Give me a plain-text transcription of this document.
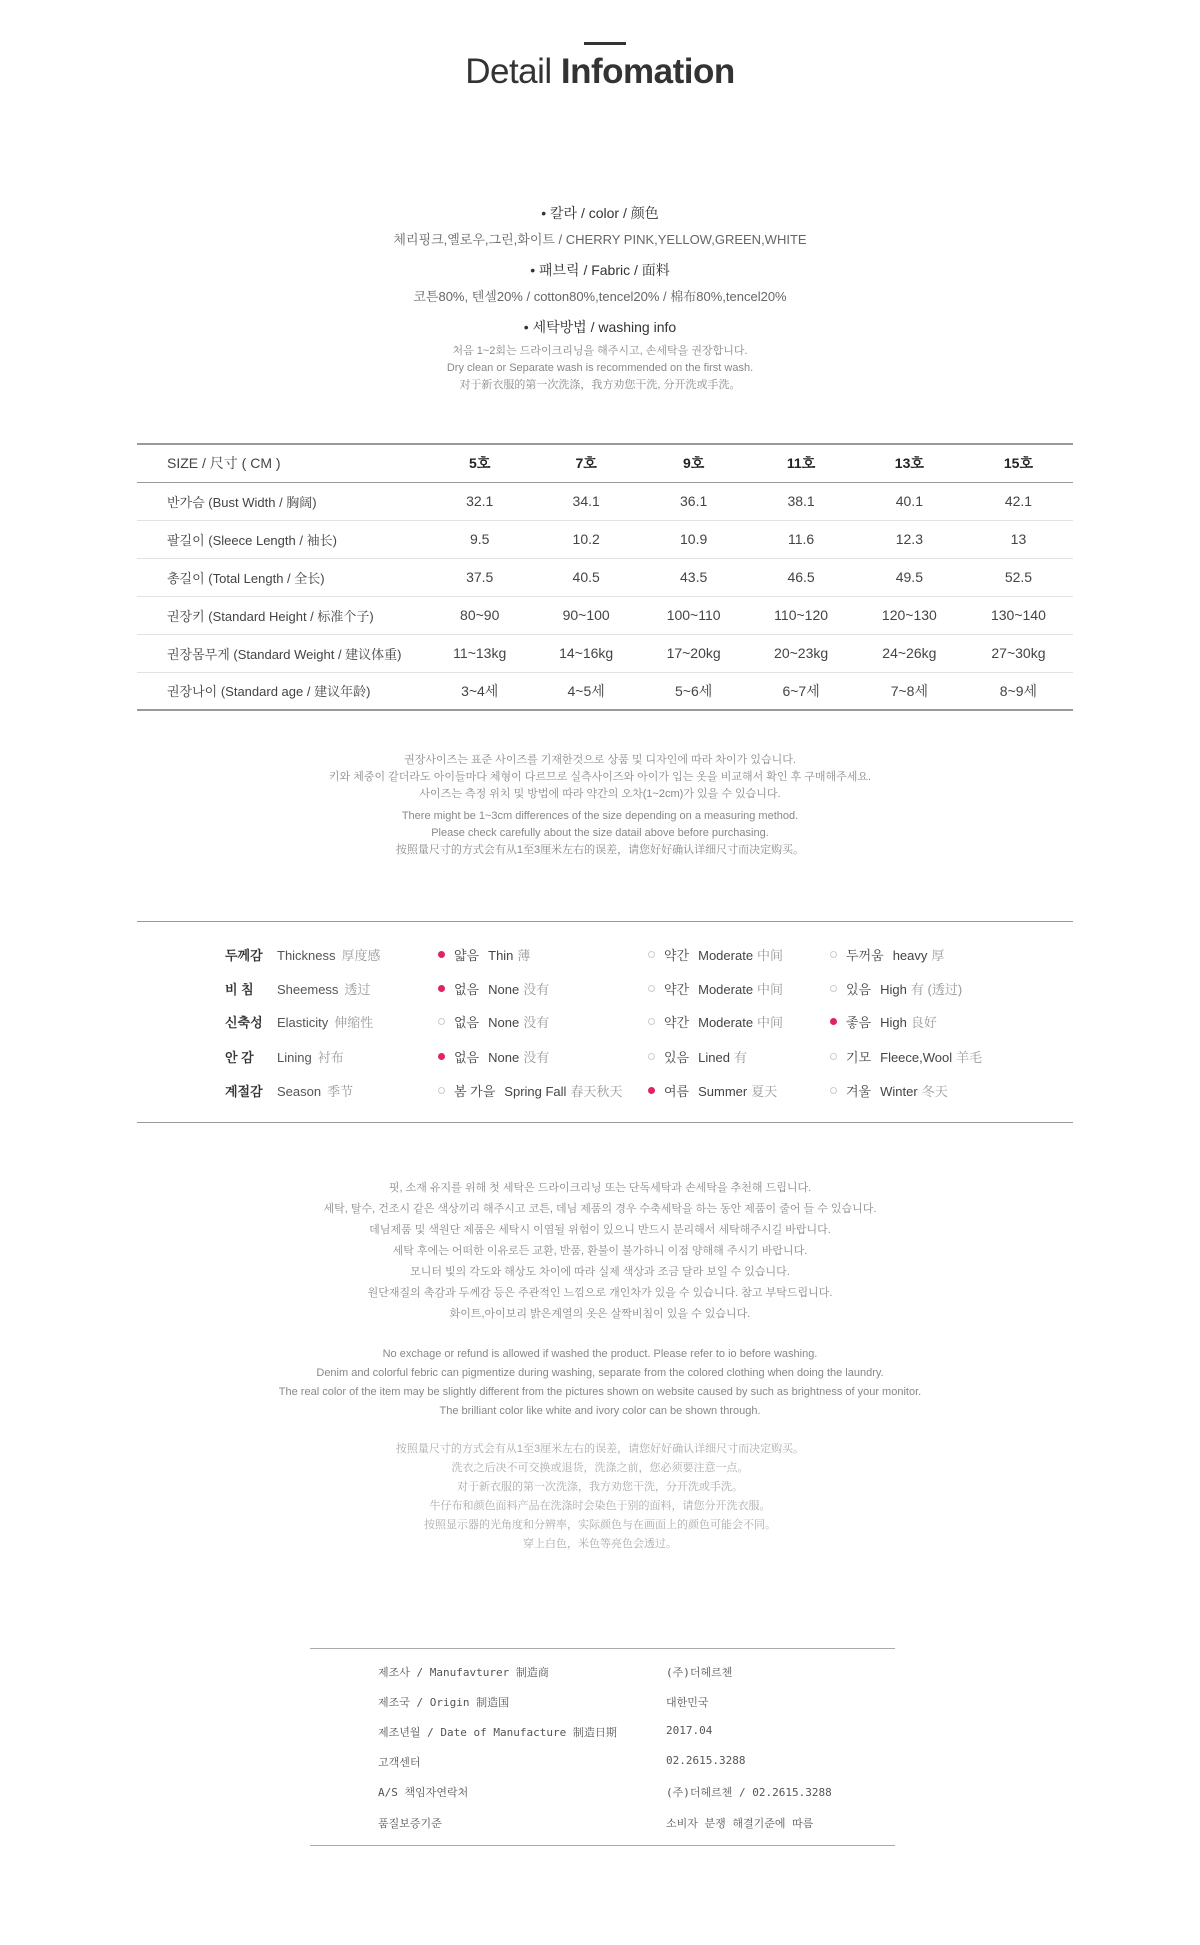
Detail Infomation
• 칼라 / color / 颜色
체리핑크,옐로우,그린,화이트 / CHERRY PINK,YELLOW,GREEN,WHITE
• 패브릭 / Fabric / 面料
코튼80%, 텐셀20% / cotton80%,tencel20% / 棉布80%,tencel20%
• 세탁방법 / washing info
처음 1~2회는 드라이크리닝을 해주시고, 손세탁을 권장합니다.
Dry clean or Separate wash is recommended on the first wash.
对于新衣服的第一次洗涤，我方劝您干洗, 分开洗或手洗。
SIZE / 尺寸 ( CM )	5호	7호	9호	11호	13호	15호
반가슴 (Bust Width / 胸阔)	32.1	34.1	36.1	38.1	40.1	42.1
팔길이 (Sleece Length / 袖长)	9.5	10.2	10.9	11.6	12.3	13
총길이 (Total Length / 全长)	37.5	40.5	43.5	46.5	49.5	52.5
권장키 (Standard Height / 标准个子)	80~90	90~100	100~110	110~120	120~130	130~140
권장몸무게 (Standard Weight / 建议体重)	11~13kg	14~16kg	17~20kg	20~23kg	24~26kg	27~30kg
권장나이 (Standard age / 建议年龄)	3~4세	4~5세	5~6세	6~7세	7~8세	8~9세
권장사이즈는 표준 사이즈를 기재한것으로 상품 및 디자인에 따라 차이가 있습니다.
키와 체중이 같더라도 아이들마다 체형이 다르므로 실측사이즈와 아이가 입는 옷을 비교해서 확인 후 구매해주세요.
사이즈는 측정 위치 및 방법에 따라 약간의 오차(1~2cm)가 있을 수 있습니다.
There might be 1~3cm differences of the size depending on a measuring method.
Please check carefully about the size datail above before purchasing.
按照量尺寸的方式会有从1至3厘米左右的误差，请您好好确认详细尺寸而决定购买。
두께감 Thickness 厚度感	얇음 Thin 薄	약간 Moderate 中间	두꺼움 heavy 厚
비 침 Sheemess 透过	없음 None 没有	약간 Moderate 中间	있음 High 有 (透过)
신축성 Elasticity 伸缩性	없음 None 没有	약간 Moderate 中间	좋음 High 良好
안 감 Lining 衬布	없음 None 没有	있음 Lined 有	기모 Fleece,Wool 羊毛
계절감 Season 季节	봄 가을 Spring Fall 春天秋天	여름 Summer 夏天	겨울 Winter 冬天
핏, 소재 유지를 위해 첫 세탁은 드라이크리닝 또는 단독세탁과 손세탁을 추천해 드립니다.
세탁, 탈수, 건조시 같은 색상끼리 해주시고 코튼, 데님 제품의 경우 수축세탁을 하는 동안 제품이 줄어 들 수 있습니다.
데님제품 및 색원단 제품은 세탁시 이염될 위험이 있으니 반드시 분리해서 세탁해주시길 바랍니다.
세탁 후에는 어떠한 이유로든 교환, 반품, 환불이 불가하니 이점 양해해 주시기 바랍니다.
모니터 빛의 각도와 해상도 차이에 따라 실제 색상과 조금 달라 보일 수 있습니다.
원단재질의 촉감과 두께감 등은 주관적인 느낌으로 개인차가 있을 수 있습니다. 참고 부탁드립니다.
화이트,아이보리 밝은계열의 옷은 살짝비침이 있을 수 있습니다.
No exchage or refund is allowed if washed the product. Please refer to io before washing.
Denim and colorful febric can pigmentize during washing, separate from the colored clothing when doing the laundry.
The real color of the item may be slightly different from the pictures shown on website caused by such as brightness of your monitor.
The brilliant color like white and ivory color can be shown through.
按照量尺寸的方式会有从1至3厘米左右的误差，请您好好确认详细尺寸而决定购买。
洗衣之后决不可交换或退货，洗涤之前，您必须要注意一点。
对于新衣服的第一次洗涤，我方劝您干洗，分开洗或手洗。
牛仔布和颜色面料产品在洗涤时会染色于别的面料，请您分开洗衣服。
按照显示器的光角度和分辨率，实际颜色与在画面上的颜色可能会不同。
穿上白色，米色等亮色会透过。
제조사 / Manufavturer 制造商	(주)더헤르첸
제조국 / Origin 制造国	대한민국
제조년월 / Date of Manufacture 制造日期	2017.04
고객센터	02.2615.3288
A/S 책임자연락처	(주)더헤르첸 / 02.2615.3288
품질보증기준	소비자 분쟁 해결기준에 따름
